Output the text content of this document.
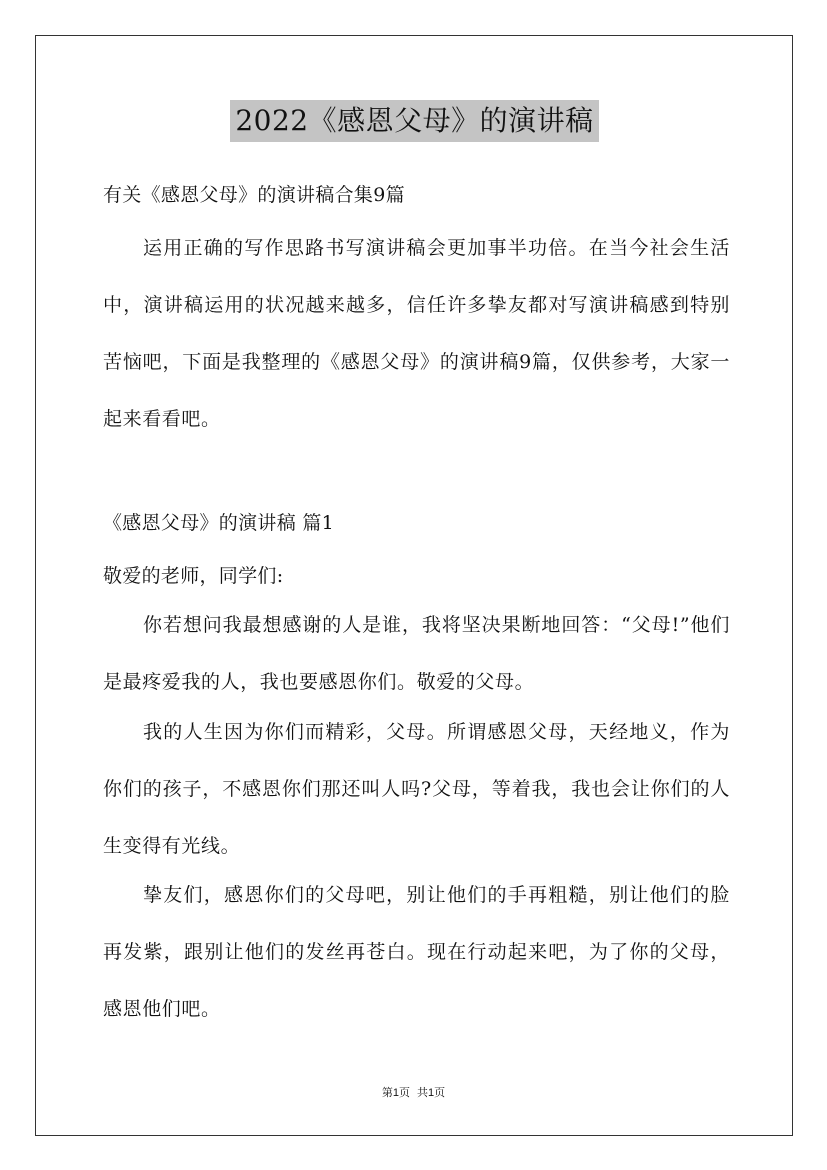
2022《感恩父母》的演讲稿
有关《感恩父母》的演讲稿合集9篇
运用正确的写作思路书写演讲稿会更加事半功倍。在当今社会生活中，演讲稿运用的状况越来越多，信任许多挚友都对写演讲稿感到特别苦恼吧，下面是我整理的《感恩父母》的演讲稿9篇，仅供参考，大家一起来看看吧。
《感恩父母》的演讲稿 篇1
敬爱的老师，同学们:
你若想问我最想感谢的人是谁，我将坚决果断地回答：“父母!”他们是最疼爱我的人，我也要感恩你们。敬爱的父母。
我的人生因为你们而精彩，父母。所谓感恩父母，天经地义，作为你们的孩子，不感恩你们那还叫人吗?父母，等着我，我也会让你们的人生变得有光线。
挚友们，感恩你们的父母吧，别让他们的手再粗糙，别让他们的脸再发紫，跟别让他们的发丝再苍白。现在行动起来吧，为了你的父母，感恩他们吧。
第1页 共1页
